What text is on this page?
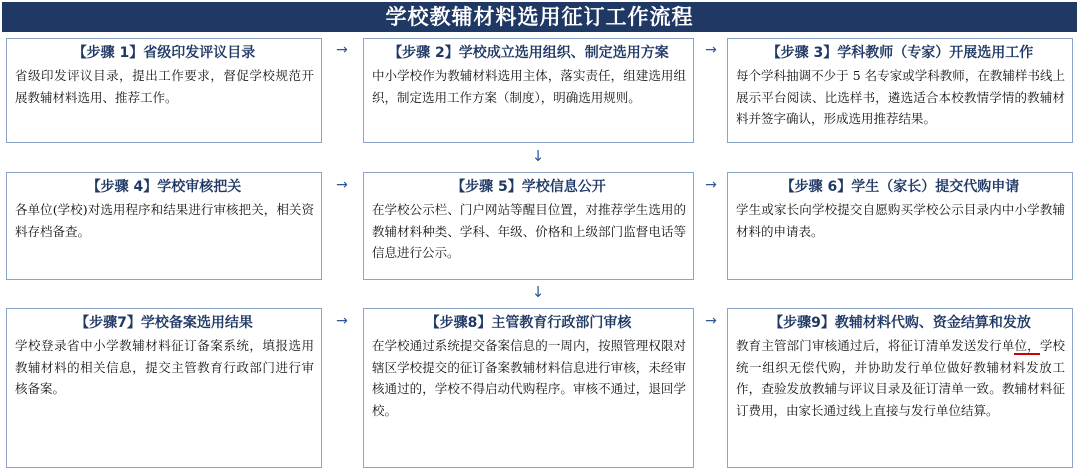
学校教辅材料选用征订工作流程
【步骤 1】省级印发评议目录
省级印发评议目录，提出工作要求，督促学校规范开展教辅材料选用、推荐工作。
→	【步骤 2】学校成立选用组织、制定选用方案
中小学校作为教辅材料选用主体，落实责任，组建选用组织，制定选用工作方案（制度），明确选用规则。
→	【步骤 3】学科教师（专家）开展选用工作
每个学科抽调不少于 5 名专家或学科教师，在教辅样书线上展示平台阅读、比选样书，遴选适合本校教情学情的教辅材料并签字确认，形成选用推荐结果。
↓
【步骤 4】学校审核把关
各单位(学校)对选用程序和结果进行审核把关，相关资料存档备查。
→	【步骤 5】学校信息公开
在学校公示栏、门户网站等醒目位置，对推荐学生选用的教辅材料种类、学科、年级、价格和上级部门监督电话等信息进行公示。
→	【步骤 6】学生（家长）提交代购申请
学生或家长向学校提交自愿购买学校公示目录内中小学教辅材料的申请表。
↓
【步骤7】学校备案选用结果
学校登录省中小学教辅材料征订备案系统，填报选用教辅材料的相关信息，提交主管教育行政部门进行审核备案。
→	【步骤8】主管教育行政部门审核
在学校通过系统提交备案信息的一周内，按照管理权限对辖区学校提交的征订备案教辅材料信息进行审核，未经审核通过的，学校不得启动代购程序。审核不通过，退回学校。
→	【步骤9】教辅材料代购、资金结算和发放
教育主管部门审核通过后，将征订清单发送发行单位，学校统一组织无偿代购，并协助发行单位做好教辅材料发放工作，查验发放教辅与评议目录及征订清单一致。教辅材料征订费用，由家长通过线上直接与发行单位结算。
